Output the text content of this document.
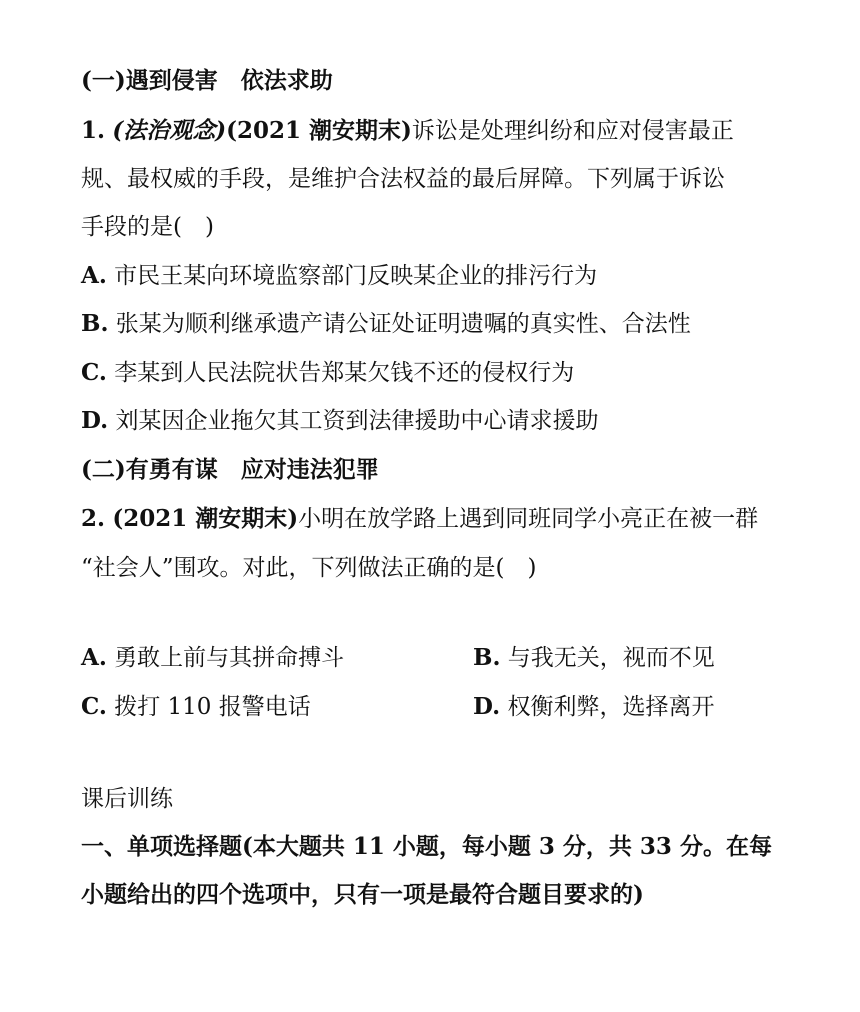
(一)遇到侵害　依法求助
1. (法治观念)(2021 潮安期末)诉讼是处理纠纷和应对侵害最正
规、最权威的手段，是维护合法权益的最后屏障。下列属于诉讼
手段的是(　)
A. 市民王某向环境监察部门反映某企业的排污行为
B. 张某为顺利继承遗产请公证处证明遗嘱的真实性、合法性
C. 李某到人民法院状告郑某欠钱不还的侵权行为
D. 刘某因企业拖欠其工资到法律援助中心请求援助
(二)有勇有谋　应对违法犯罪
2. (2021 潮安期末)小明在放学路上遇到同班同学小亮正在被一群
“社会人”围攻。对此，下列做法正确的是(　)
A. 勇敢上前与其拼命搏斗	B. 与我无关，视而不见
C. 拨打 110 报警电话	D. 权衡利弊，选择离开
课后训练
一、单项选择题(本大题共 11 小题，每小题 3 分，共 33 分。在每
小题给出的四个选项中，只有一项是最符合题目要求的)
